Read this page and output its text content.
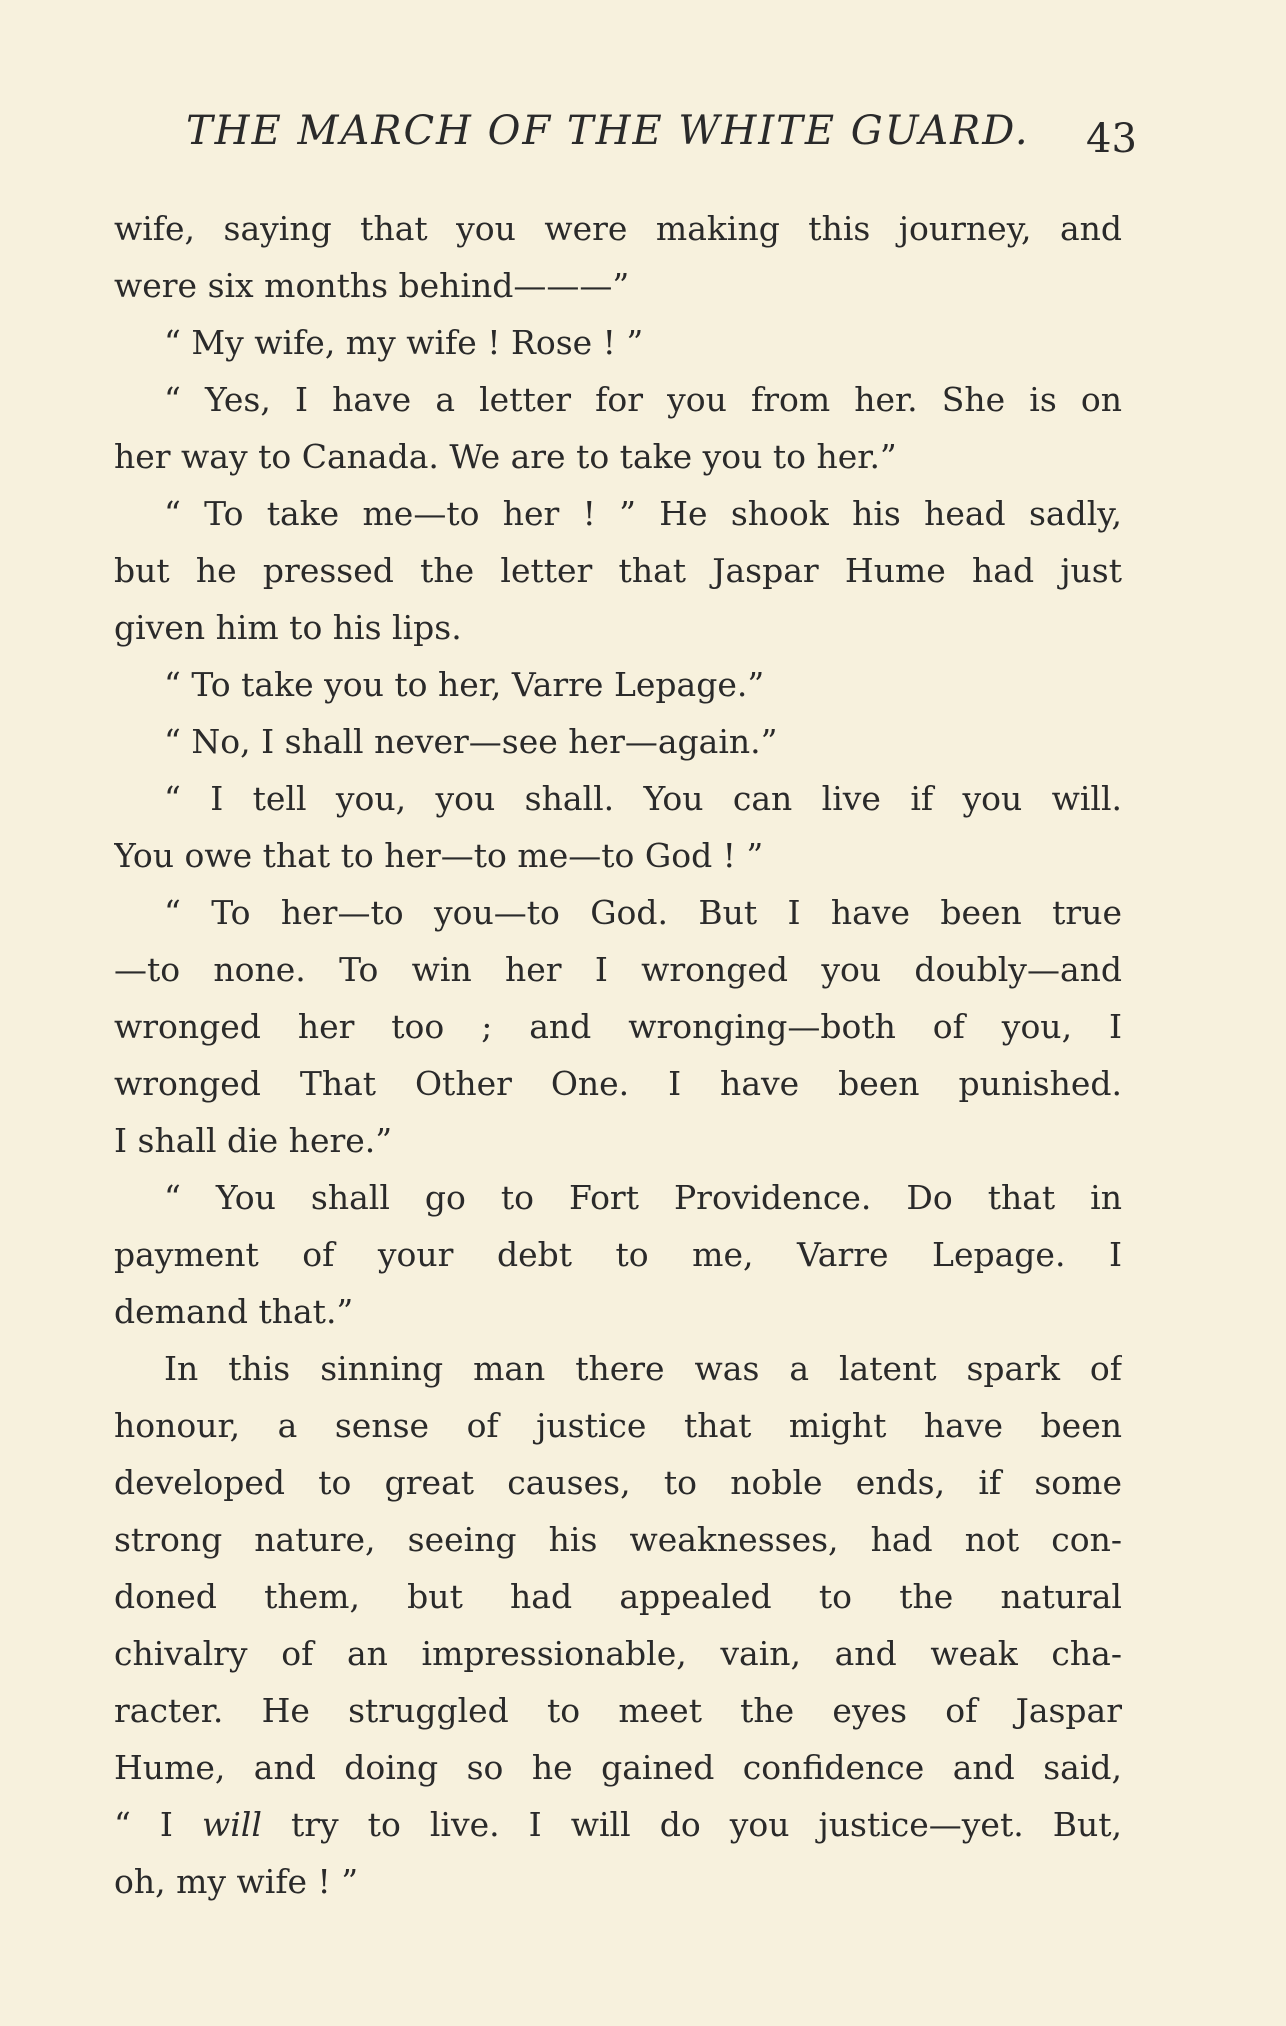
THE MARCH OF THE WHITE GUARD. 43
wife, saying that you were making this journey, and
were six months behind———”
“ My wife, my wife ! Rose ! ”
“ Yes, I have a letter for you from her. She is on
her way to Canada. We are to take you to her.”
“ To take me—to her ! ” He shook his head sadly,
but he pressed the letter that Jaspar Hume had just
given him to his lips.
“ To take you to her, Varre Lepage.”
“ No, I shall never—see her—again.”
“ I tell you, you shall. You can live if you will.
You owe that to her—to me—to God ! ”
“ To her—to you—to God. But I have been true
—to none. To win her I wronged you doubly—and
wronged her too ; and wronging—both of you, I
wronged That Other One. I have been punished.
I shall die here.”
“ You shall go to Fort Providence. Do that in
payment of your debt to me, Varre Lepage. I
demand that.”
In this sinning man there was a latent spark of
honour, a sense of justice that might have been
developed to great causes, to noble ends, if some
strong nature, seeing his weaknesses, had not con-
doned them, but had appealed to the natural
chivalry of an impressionable, vain, and weak cha-
racter. He struggled to meet the eyes of Jaspar
Hume, and doing so he gained confidence and said,
“ I will try to live. I will do you justice—yet. But,
oh, my wife ! ”
